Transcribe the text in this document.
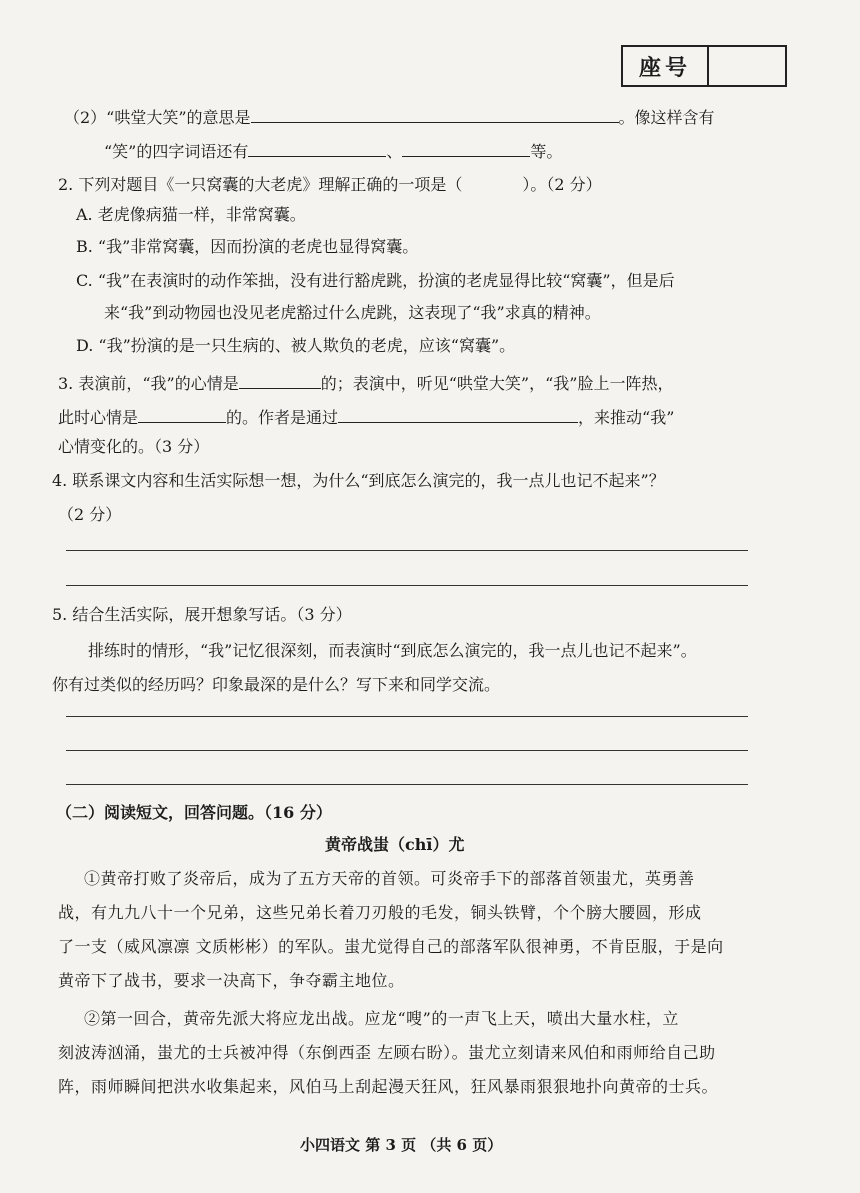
座号
（2）“哄堂大笑”的意思是	。像这样含有
“笑”的四字词语还有	、	等。
2. 下列对题目《一只窝囊的大老虎》理解正确的一项是（	）。（2 分）
A. 老虎像病猫一样，非常窝囊。
B. “我”非常窝囊，因而扮演的老虎也显得窝囊。
C. “我”在表演时的动作笨拙，没有进行豁虎跳，扮演的老虎显得比较“窝囊”，但是后
来“我”到动物园也没见老虎豁过什么虎跳，这表现了“我”求真的精神。
D. “我”扮演的是一只生病的、被人欺负的老虎，应该“窝囊”。
3. 表演前，“我”的心情是	的；表演中，听见“哄堂大笑”，“我”脸上一阵热，
此时心情是	的。作者是通过	，来推动“我”
心情变化的。（3 分）
4. 联系课文内容和生活实际想一想，为什么“到底怎么演完的，我一点儿也记不起来”？
（2 分）
5. 结合生活实际，展开想象写话。（3 分）
排练时的情形，“我”记忆很深刻，而表演时“到底怎么演完的，我一点儿也记不起来”。
你有过类似的经历吗？印象最深的是什么？写下来和同学交流。
（二）阅读短文，回答问题。（16 分）
黄帝战蚩（chī）尤
①黄帝打败了炎帝后，成为了五方天帝的首领。可炎帝手下的部落首领蚩尤，英勇善
战，有九九八十一个兄弟，这些兄弟长着刀刃般的毛发，铜头铁臂，个个膀大腰圆，形成
了一支（威风凛凛 文质彬彬）的军队。蚩尤觉得自己的部落军队很神勇，不肯臣服，于是向
黄帝下了战书，要求一决高下，争夺霸主地位。
②第一回合，黄帝先派大将应龙出战。应龙“嗖”的一声飞上天，喷出大量水柱，立
刻波涛汹涌，蚩尤的士兵被冲得（东倒西歪 左顾右盼）。蚩尤立刻请来风伯和雨师给自己助
阵，雨师瞬间把洪水收集起来，风伯马上刮起漫天狂风，狂风暴雨狠狠地扑向黄帝的士兵。
小四语文 第 3 页 （共 6 页）
